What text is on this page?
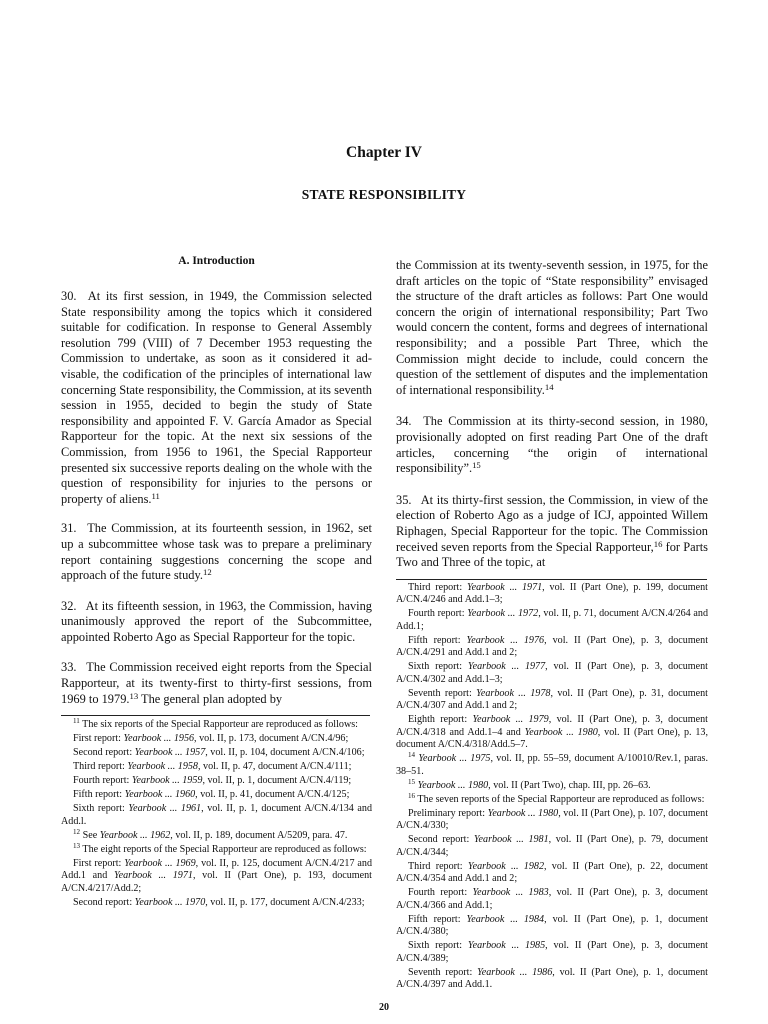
Chapter IV
STATE RESPONSIBILITY
A. Introduction

30.  At its first session, in 1949, the Commission selected State responsibility among the topics which it considered suitable for codification. In response to General Assembly resolution 799 (VIII) of 7 December 1953 requesting the Commission to undertake, as soon as it considered it advisable, the codification of the principles of international law concerning State responsibility, the Commission, at its seventh session in 1955, decided to begin the study of State responsibility and appointed F. V. García Amador as Special Rapporteur for the topic. At the next six sessions of the Commission, from 1956 to 1961, the Special Rapporteur presented six successive reports dealing on the whole with the question of responsibility for injuries to the persons or property of aliens.$^{11}$

31.  The Commission, at its fourteenth session, in 1962, set up a subcommittee whose task was to prepare a preliminary report containing suggestions concerning the scope and approach of the future study.$^{12}$

32.  At its fifteenth session, in 1963, the Commission, having unanimously approved the report of the Subcommittee, appointed Roberto Ago as Special Rapporteur for the topic.

33.  The Commission received eight reports from the Special Rapporteur, at its twenty-first to thirty-first sessions, from 1969 to 1979.13 The general plan adopted by

$^{11}$ The six reports of the Special Rapporteur are reproduced as follows:

First report: Yearbook ... 1956, vol. II, p. 173, document A/CN.4/96;

Second report: Yearbook ... 1957, vol. II, p. 104, document A/CN.4/106;

Third report: Yearbook ... 1958, vol. II, p. 47, document A/CN.4/111;

Fourth report: Yearbook ... 1959, vol. II, p. 1, document A/CN.4/119;

Fifth report: Yearbook ... 1960, vol. II, p. 41, document A/CN.4/125;

Sixth report: Yearbook ... 1961, vol. II, p. 1, document A/CN.4/134 and Add.l.

$^{12}$ See Yearbook ... 1962, vol. II, p. 189, document A/5209, para. 47.

$^{13}$ The eight reports of the Special Rapporteur are reproduced as follows:

First report: Yearbook ... 1969, vol. II, p. 125, document A/CN.4/217 and Add.1 and Yearbook ... 1971, vol. II (Part One), p. 193, document A/CN.4/217/Add.2;

Second report: Yearbook ... 1970, vol. II, p. 177, document A/CN.4/233;

the Commission at its twenty-seventh session, in 1975, for the draft articles on the topic of “State responsibility” envisaged the structure of the draft articles as follows: Part One would concern the origin of international responsibility; Part Two would concern the content, forms and degrees of international responsibility; and a possible Part Three, which the Commission might decide to include, could concern the question of the settlement of disputes and the implementation of international responsibility.$^{14}$

34.  The Commission at its thirty-second session, in 1980, provisionally adopted on first reading Part One of the draft articles, concerning “the origin of international responsibility”.$^{15}$

35.  At its thirty-first session, the Commission, in view of the election of Roberto Ago as a judge of ICJ, appointed Willem Riphagen, Special Rapporteur for the topic. The Commission received seven reports from the Special Rapporteur,$^{16}$ for Parts Two and Three of the topic, at

Third report: Yearbook ... 1971, vol. II (Part One), p. 199, document A/CN.4/246 and Add.1–3;

Fourth report: Yearbook ... 1972, vol. II, p. 71, document A/CN.4/264 and Add.1;

Fifth report: Yearbook ... 1976, vol. II (Part One), p. 3, document A/CN.4/291 and Add.1 and 2;

Sixth report: Yearbook ... 1977, vol. II (Part One), p. 3, document A/CN.4/302 and Add.1–3;

Seventh report: Yearbook ... 1978, vol. II (Part One), p. 31, document A/CN.4/307 and Add.1 and 2;

Eighth report: Yearbook ... 1979, vol. II (Part One), p. 3, document A/CN.4/318 and Add.1–4 and Yearbook ... 1980, vol. II (Part One), p. 13, document A/CN.4/318/Add.5–7.

$^{14}$ Yearbook ... 1975, vol. II, pp. 55–59, document A/10010/Rev.1, paras. 38–51.

$^{15}$ Yearbook ... 1980, vol. II (Part Two), chap. III, pp. 26–63.

$^{16}$ The seven reports of the Special Rapporteur are reproduced as follows:

Preliminary report: Yearbook ... 1980, vol. II (Part One), p. 107, document A/CN.4/330;

Second report: Yearbook ... 1981, vol. II (Part One), p. 79, document A/CN.4/344;

Third report: Yearbook ... 1982, vol. II (Part One), p. 22, document A/CN.4/354 and Add.1 and 2;

Fourth report: Yearbook ... 1983, vol. II (Part One), p. 3, document A/CN.4/366 and Add.1;

Fifth report: Yearbook ... 1984, vol. II (Part One), p. 1, document A/CN.4/380;

Sixth report: Yearbook ... 1985, vol. II (Part One), p. 3, document A/CN.4/389;

Seventh report: Yearbook ... 1986, vol. II (Part One), p. 1, document A/CN.4/397 and Add.1.

20
